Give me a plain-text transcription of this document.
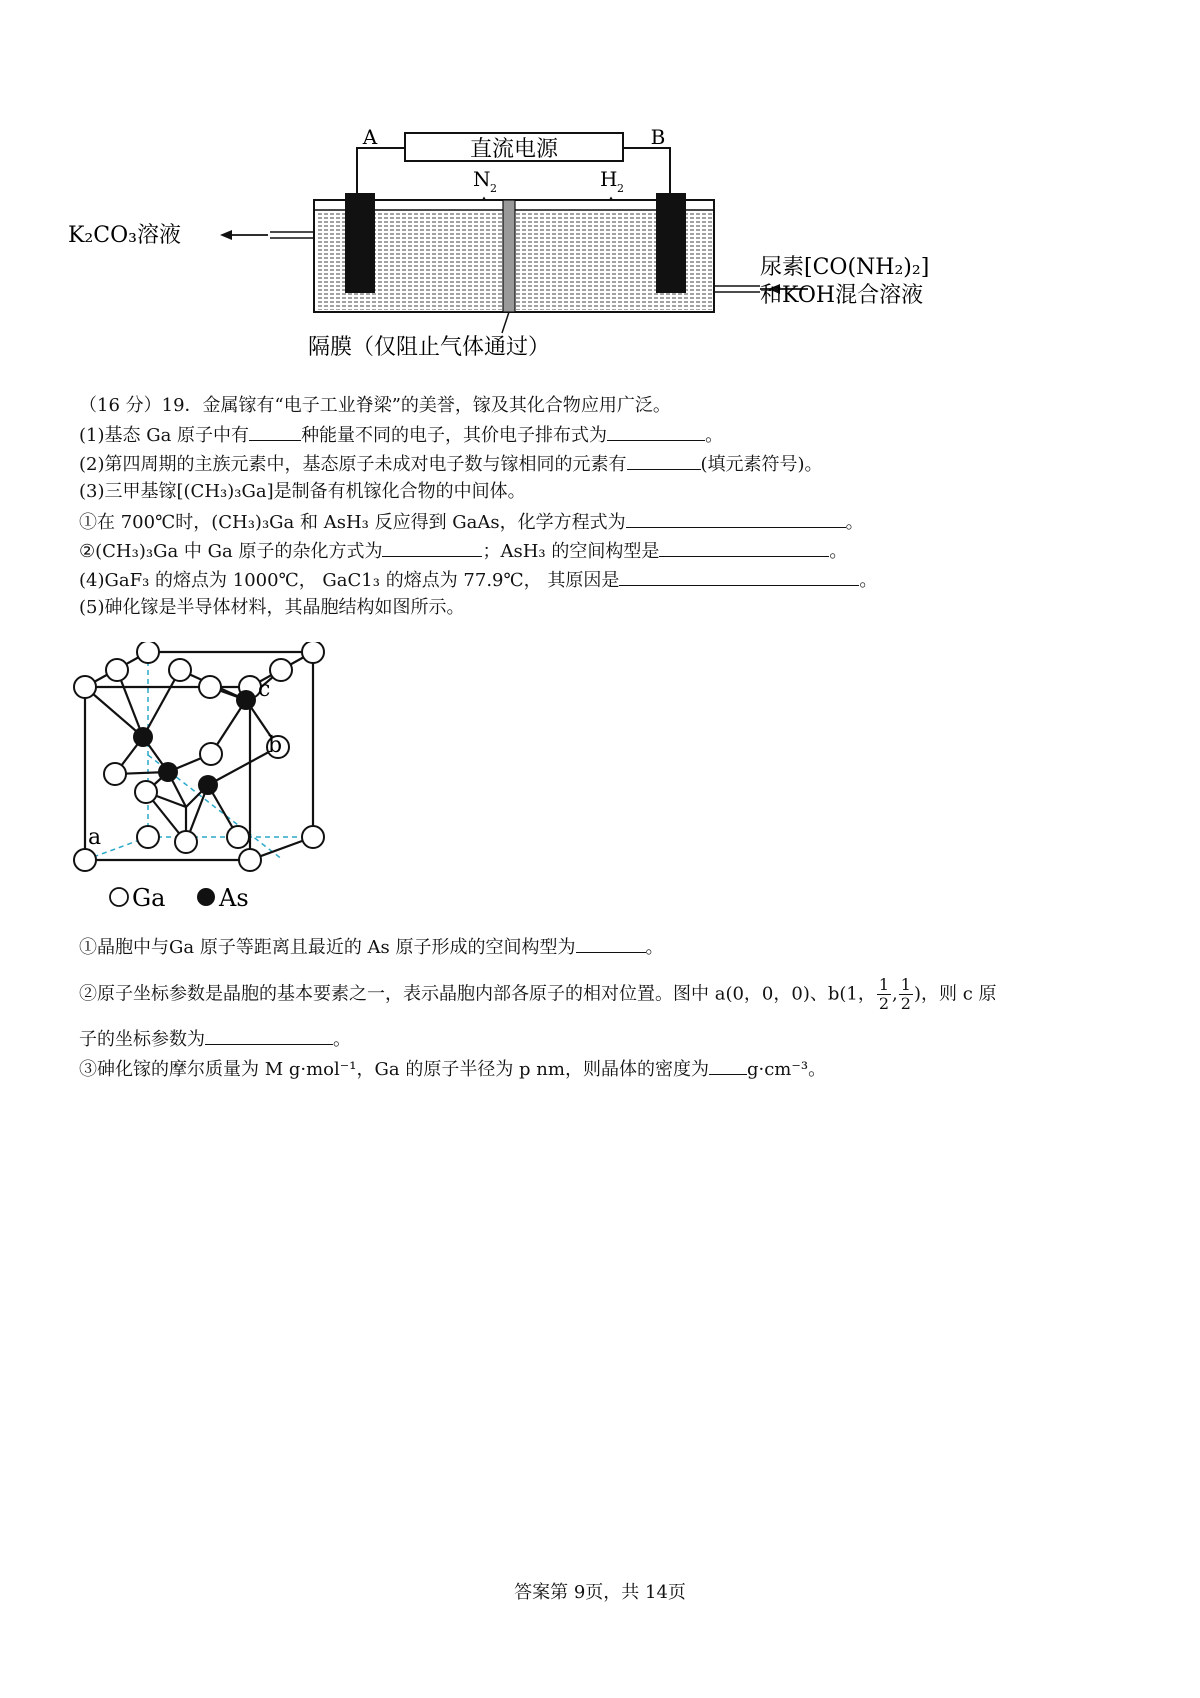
直流电源
A	B
N 2	H 2
K₂CO₃溶液
尿素[CO(NH₂)₂]
和KOH混合溶液
隔膜（仅阻止气体通过）
（16 分）19．金属镓有“电子工业脊梁”的美誉，镓及其化合物应用广泛。
(1)基态 Ga 原子中有	种能量不同的电子，其价电子排布式为	。
(2)第四周期的主族元素中，基态原子未成对电子数与镓相同的元素有	(填元素符号)。
(3)三甲基镓[(CH₃)₃Ga]是制备有机镓化合物的中间体。
①在 700℃时，(CH₃)₃Ga 和 AsH₃ 反应得到 GaAs，化学方程式为	。
②(CH₃)₃Ga 中 Ga 原子的杂化方式为	；AsH₃ 的空间构型是	。
(4)GaF₃ 的熔点为 1000℃， GaC1₃ 的熔点为 77.9℃， 其原因是	。
(5)砷化镓是半导体材料，其晶胞结构如图所示。
a
b
c
Ga As
①晶胞中与Ga 原子等距离且最近的 As 原子形成的空间构型为	。
②原子坐标参数是晶胞的基本要素之一，表示晶胞内部各原子的相对位置。图中 a(0，0，0)、b(1， $\frac{1}{2}$ , $\frac{1}{2}$ )，则 c 原
子的坐标参数为	。
③砷化镓的摩尔质量为 M g·mol⁻¹，Ga 的原子半径为 p nm，则晶体的密度为 g·cm⁻³。
答案第 9页，共 14页
